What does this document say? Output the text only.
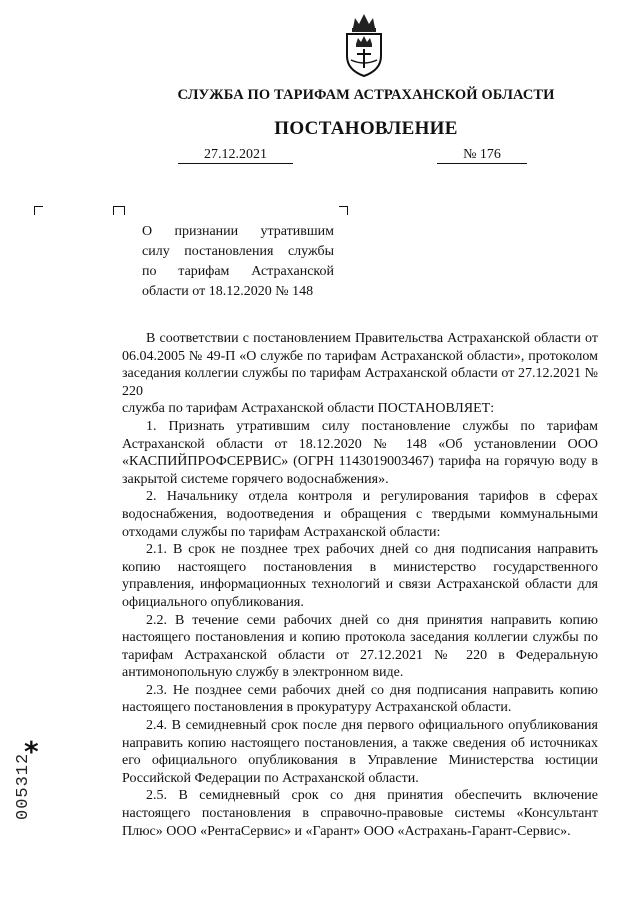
СЛУЖБА ПО ТАРИФАМ АСТРАХАНСКОЙ ОБЛАСТИ
ПОСТАНОВЛЕНИЕ
27.12.2021	№ 176
О признании утратившим
силу постановления службы
по тарифам Астраханской
области от 18.12.2020 № 148

В соответствии с постановлением Правительства Астраханской области от 06.04.2005 № 49-П «О службе по тарифам Астраханской области», протоколом заседания коллегии службы по тарифам Астраханской области от 27.12.2021 № 220

служба по тарифам Астраханской области ПОСТАНОВЛЯЕТ:

1. Признать утратившим силу постановление службы по тарифам Астраханской области от 18.12.2020 № 148 «Об установлении ООО «КАСПИЙПРОФСЕРВИС» (ОГРН 1143019003467) тарифа на горячую воду в закрытой системе горячего водоснабжения».

2. Начальнику отдела контроля и регулирования тарифов в сферах водоснабжения, водоотведения и обращения с твердыми коммунальными отходами службы по тарифам Астраханской области:

2.1. В срок не позднее трех рабочих дней со дня подписания направить копию настоящего постановления в министерство государственного управления, информационных технологий и связи Астраханской области для официального опубликования.

2.2. В течение семи рабочих дней со дня принятия направить копию настоящего постановления и копию протокола заседания коллегии службы по тарифам Астраханской области от 27.12.2021 № 220 в Федеральную антимонопольную службу в электронном виде.

2.3. Не позднее семи рабочих дней со дня подписания направить копию настоящего постановления в прокуратуру Астраханской области.

2.4. В семидневный срок после дня первого официального опубликования направить копию настоящего постановления, а также сведения об источниках его официального опубликования в Управление Министерства юстиции Российской Федерации по Астраханской области.

2.5. В семидневный срок со дня принятия обеспечить включение настоящего постановления в справочно-правовые системы «Консультант Плюс» ООО «РентаСервис» и «Гарант» ООО «Астрахань-Гарант-Сервис».

*
005312
